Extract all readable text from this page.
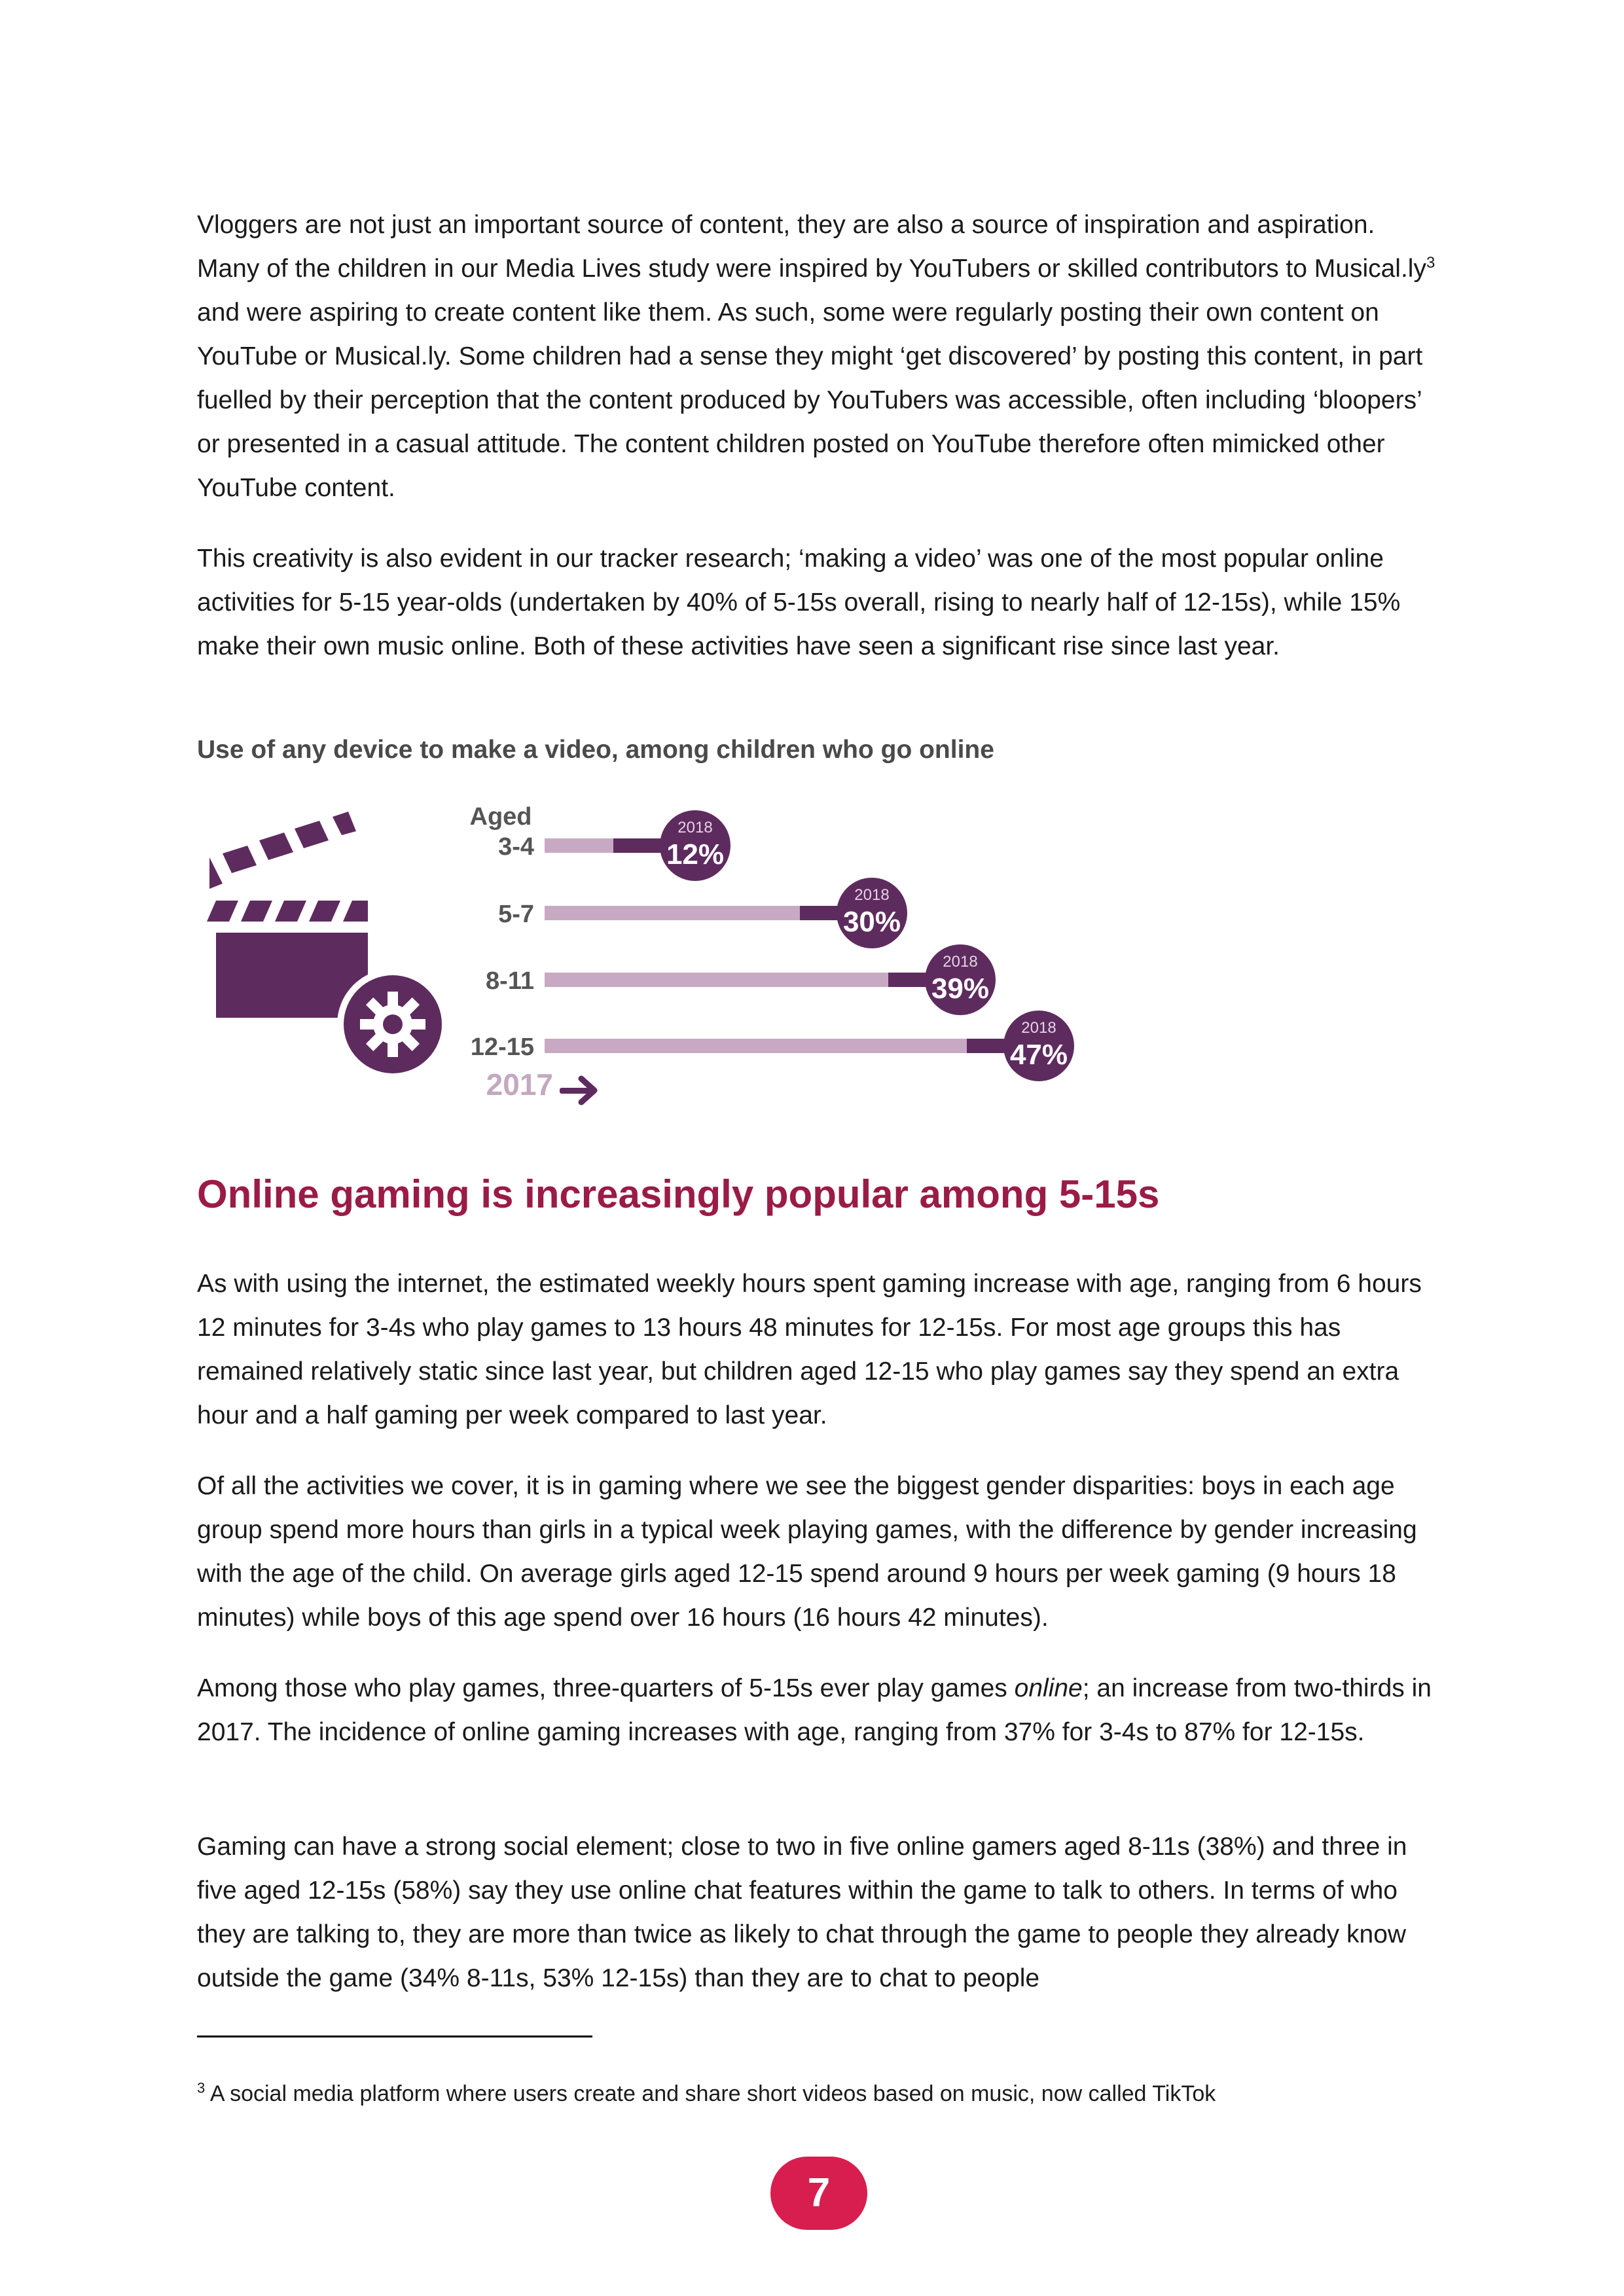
Vloggers are not just an important source of content, they are also a source of inspiration and aspiration. Many of the children in our Media Lives study were inspired by YouTubers or skilled contributors to $Musical.ly^3$ and were aspiring to create content like them. As such, some were regularly posting their own content on YouTube or Musical.ly. Some children had a sense they might ‘get discovered’ by posting this content, in part fuelled by their perception that the content produced by YouTubers was accessible, often including ‘bloopers’ or presented in a casual attitude. The content children posted on YouTube therefore often mimicked other YouTube content.

This creativity is also evident in our tracker research; ‘making a video’ was one of the most popular online activities for 5-15 year-olds (undertaken by 40% of 5-15s overall, rising to nearly half of 12-15s), while 15% make their own music online. Both of these activities have seen a significant rise since last year.

Use of any device to make a video, among children who go online

Aged
3-4
2018
12%
5-7
2018
30%
8-11
2018
39%
12-15
2018
47%
2017
Online gaming is increasingly popular among 5-15s

As with using the internet, the estimated weekly hours spent gaming increase with age, ranging from 6 hours 12 minutes for 3-4s who play games to 13 hours 48 minutes for 12-15s. For most age groups this has remained relatively static since last year, but children aged 12-15 who play games say they spend an extra hour and a half gaming per week compared to last year.

Of all the activities we cover, it is in gaming where we see the biggest gender disparities: boys in each age group spend more hours than girls in a typical week playing games, with the difference by gender increasing with the age of the child. On average girls aged 12-15 spend around 9 hours per week gaming (9 hours 18 minutes) while boys of this age spend over 16 hours (16 hours 42 minutes).

Among those who play games, three-quarters of 5-15s ever play games online; an increase from two-thirds in 2017. The incidence of online gaming increases with age, ranging from 37% for 3-4s to 87% for 12-15s.

Gaming can have a strong social element; close to two in five online gamers aged 8-11s (38%) and three in five aged 12-15s (58%) say they use online chat features within the game to talk to others. In terms of who they are talking to, they are more than twice as likely to chat through the game to people they already know outside the game (34% 8-11s, 53% 12-15s) than they are to chat to people

$^3$ A social media platform where users create and share short videos based on music, now called TikTok

7
